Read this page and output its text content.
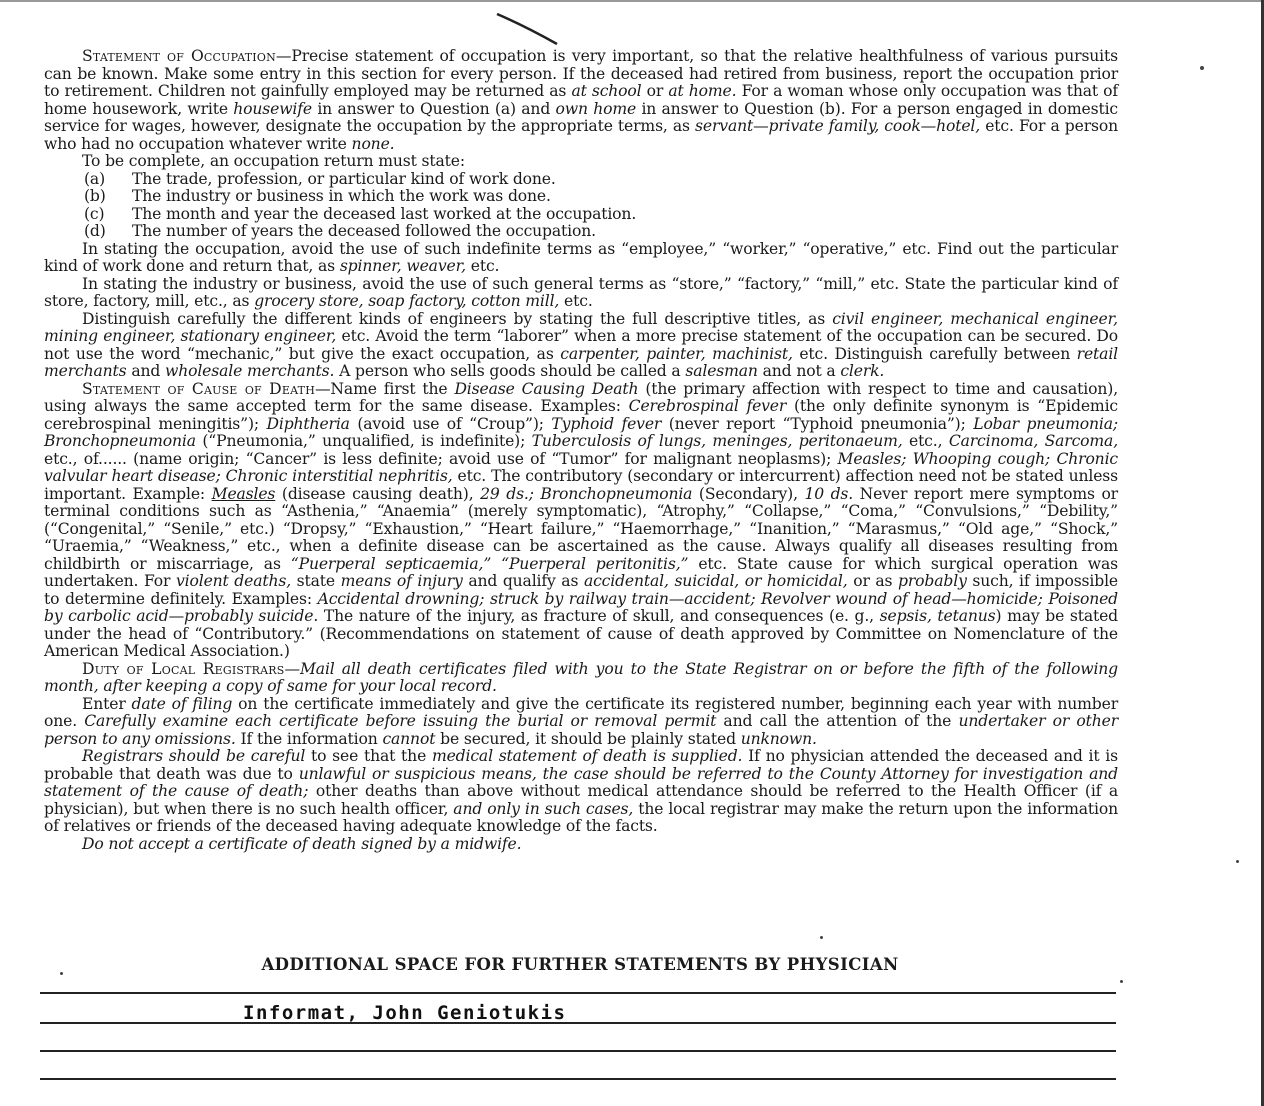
Statement of Occupation—Precise statement of occupation is very important, so that the relative healthfulness of various pursuits can be known. Make some entry in this section for every person. If the deceased had retired from business, report the occupation prior to retirement. Children not gainfully employed may be returned as at school or at home. For a woman whose only occupation was that of home housework, write housewife in answer to Question (a) and own home in answer to Question (b). For a person engaged in domestic service for wages, however, designate the occupation by the appropriate terms, as servant—private family, cook—hotel, etc. For a person who had no occupation whatever write none.

To be complete, an occupation return must state:

(a) The trade, profession, or particular kind of work done.
(b) The industry or business in which the work was done.
(c) The month and year the deceased last worked at the occupation.
(d) The number of years the deceased followed the occupation.

In stating the occupation, avoid the use of such indefinite terms as “employee,” “worker,” “operative,” etc. Find out the particular kind of work done and return that, as spinner, weaver, etc.

In stating the industry or business, avoid the use of such general terms as “store,” “factory,” “mill,” etc. State the particular kind of store, factory, mill, etc., as grocery store, soap factory, cotton mill, etc.

Distinguish carefully the different kinds of engineers by stating the full descriptive titles, as civil engineer, mechanical engineer, mining engineer, stationary engineer, etc. Avoid the term “laborer” when a more precise statement of the occupation can be secured. Do not use the word “mechanic,” but give the exact occupation, as carpenter, painter, machinist, etc. Distinguish carefully between retail merchants and wholesale merchants. A person who sells goods should be called a salesman and not a clerk.

Statement of Cause of Death—Name first the Disease Causing Death (the primary affection with respect to time and causation), using always the same accepted term for the same disease. Examples: Cerebrospinal fever (the only definite synonym is “Epidemic cerebrospinal meningitis”); Diphtheria (avoid use of “Croup”); Typhoid fever (never report “Typhoid pneumonia”); Lobar pneumonia; Bronchopneumonia (“Pneumonia,” unqualified, is indefinite); Tuberculosis of lungs, meninges, peritonaeum, etc., Carcinoma, Sarcoma, etc., of...... (name origin; “Cancer” is less definite; avoid use of “Tumor” for malignant neoplasms); Measles; Whooping cough; Chronic valvular heart disease; Chronic interstitial nephritis, etc. The contributory (secondary or intercurrent) affection need not be stated unless important. Example: Measles (disease causing death), 29 ds.; Bronchopneumonia (Secondary), 10 ds. Never report mere symptoms or terminal conditions such as “Asthenia,” “Anaemia” (merely symptomatic), “Atrophy,” “Collapse,” “Coma,” “Convulsions,” “Debility,” (“Congenital,” “Senile,” etc.) “Dropsy,” “Exhaustion,” “Heart failure,” “Haemorrhage,” “Inanition,” “Marasmus,” “Old age,” “Shock,” “Uraemia,” “Weakness,” etc., when a definite disease can be ascertained as the cause. Always qualify all diseases resulting from childbirth or miscarriage, as “Puerperal septicaemia,” “Puerperal peritonitis,” etc. State cause for which surgical operation was undertaken. For violent deaths, state means of injury and qualify as accidental, suicidal, or homicidal, or as probably such, if impossible to determine definitely. Examples: Accidental drowning; struck by railway train—accident; Revolver wound of head—homicide; Poisoned by carbolic acid—probably suicide. The nature of the injury, as fracture of skull, and consequences (e. g., sepsis, tetanus) may be stated under the head of “Contributory.” (Recommendations on statement of cause of death approved by Committee on Nomenclature of the American Medical Association.)

Duty of Local Registrars—Mail all death certificates filed with you to the State Registrar on or before the fifth of the following month, after keeping a copy of same for your local record.

Enter date of filing on the certificate immediately and give the certificate its registered number, beginning each year with number one. Carefully examine each certificate before issuing the burial or removal permit and call the attention of the undertaker or other person to any omissions. If the information cannot be secured, it should be plainly stated unknown.

Registrars should be careful to see that the medical statement of death is supplied. If no physician attended the deceased and it is probable that death was due to unlawful or suspicious means, the case should be referred to the County Attorney for investigation and statement of the cause of death; other deaths than above without medical attendance should be referred to the Health Officer (if a physician), but when there is no such health officer, and only in such cases, the local registrar may make the return upon the information of relatives or friends of the deceased having adequate knowledge of the facts.

Do not accept a certificate of death signed by a midwife.

ADDITIONAL SPACE FOR FURTHER STATEMENTS BY PHYSICIAN
Informat, John Geniotukis
